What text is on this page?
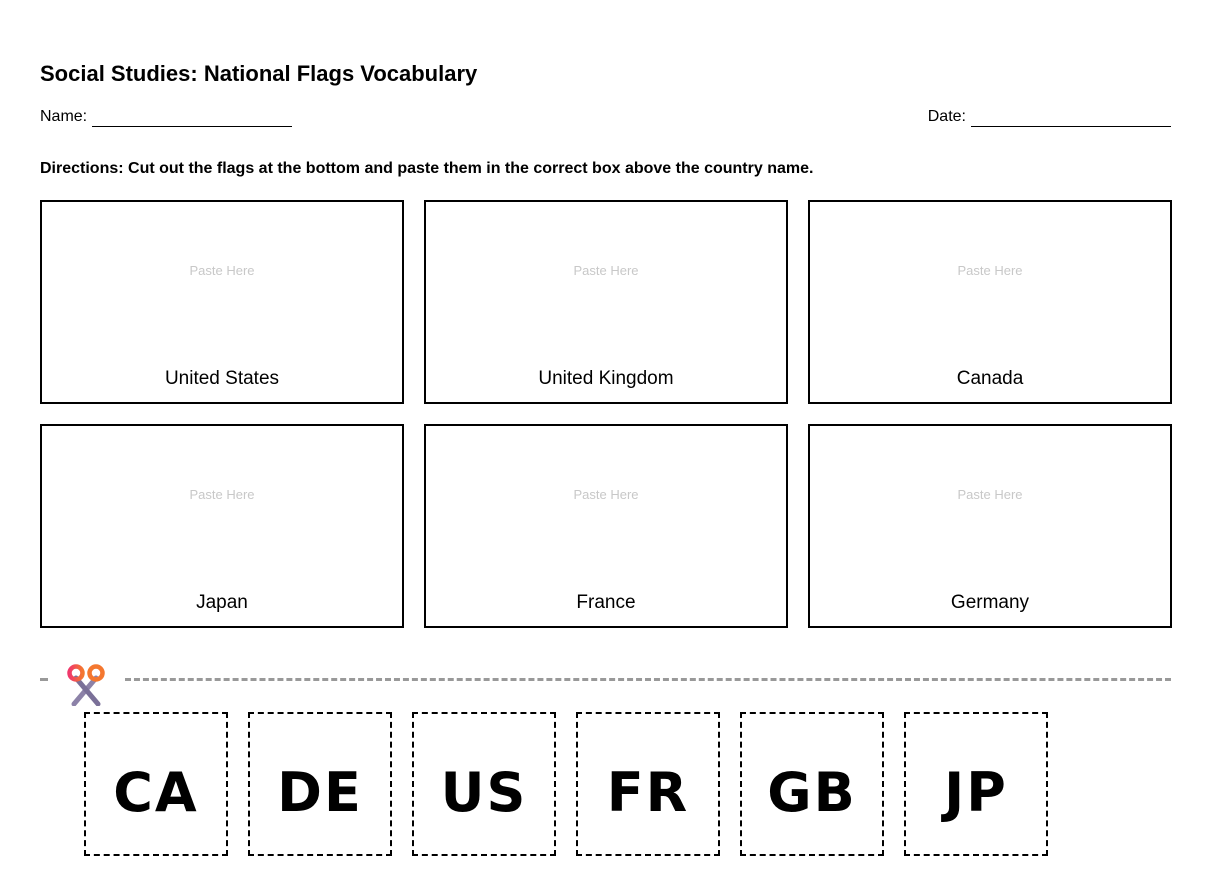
Social Studies: National Flags Vocabulary
Name:	Date:

Directions: Cut out the flags at the bottom and paste them in the correct box above the country name.

Paste Here
United States
Paste Here
United Kingdom
Paste Here
Canada
Paste Here
Japan
Paste Here
France
Paste Here
Germany
CA DE US FR GB JP
